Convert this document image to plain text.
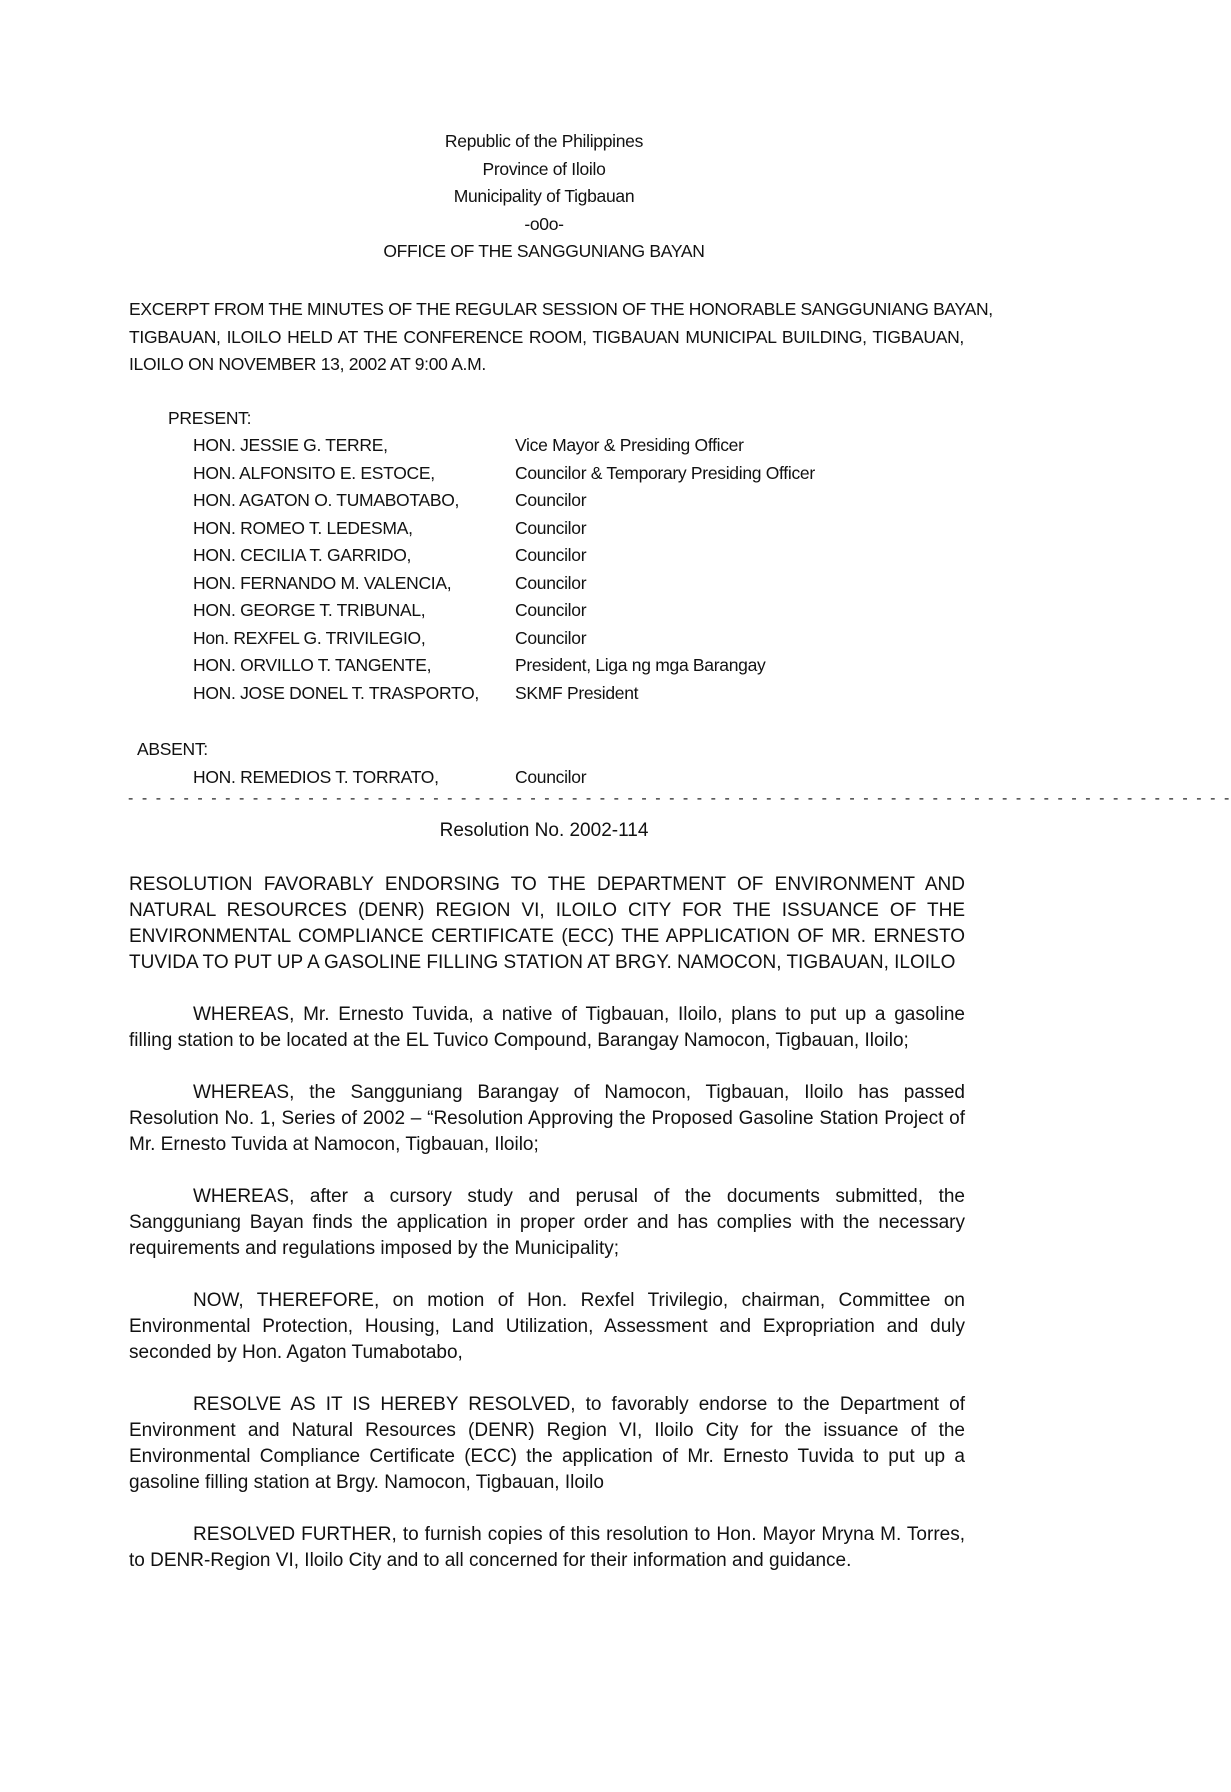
Republic of the Philippines
Province of Iloilo
Municipality of Tigbauan
-o0o-
OFFICE OF THE SANGGUNIANG BAYAN
EXCERPT FROM THE MINUTES OF THE REGULAR SESSION OF THE HONORABLE SANGGUNIANG BAYAN,
TIGBAUAN, ILOILO HELD AT THE CONFERENCE ROOM, TIGBAUAN MUNICIPAL BUILDING, TIGBAUAN,
ILOILO ON NOVEMBER 13, 2002 AT 9:00 A.M.
PRESENT:
HON. JESSIE G. TERRE,	Vice Mayor & Presiding Officer
HON. ALFONSITO E. ESTOCE,	Councilor & Temporary Presiding Officer
HON. AGATON O. TUMABOTABO,	Councilor
HON. ROMEO T. LEDESMA,	Councilor
HON. CECILIA T. GARRIDO,	Councilor
HON. FERNANDO M. VALENCIA,	Councilor
HON. GEORGE T. TRIBUNAL,	Councilor
Hon. REXFEL G. TRIVILEGIO,	Councilor
HON. ORVILLO T. TANGENTE,	President, Liga ng mga Barangay
HON. JOSE DONEL T. TRASPORTO, SKMF President
ABSENT:
HON. REMEDIOS T. TORRATO,	Councilor
- - - - - - - - - - - - - - - - - - - - - - - - - - - - - - - - - - - - - - - - - - - - - - - - - - - - - - - - - - - - - - - - - - - - - - - - - - - - - - - -
Resolution No. 2002-114

RESOLUTION FAVORABLY ENDORSING TO THE DEPARTMENT OF ENVIRONMENT AND NATURAL RESOURCES (DENR) REGION VI, ILOILO CITY FOR THE ISSUANCE OF THE ENVIRONMENTAL COMPLIANCE CERTIFICATE (ECC) THE APPLICATION OF MR. ERNESTO TUVIDA TO PUT UP A GASOLINE FILLING STATION AT BRGY. NAMOCON, TIGBAUAN, ILOILO

WHEREAS, Mr. Ernesto Tuvida, a native of Tigbauan, Iloilo, plans to put up a gasoline filling station to be located at the EL Tuvico Compound, Barangay Namocon, Tigbauan, Iloilo;

WHEREAS, the Sangguniang Barangay of Namocon, Tigbauan, Iloilo has passed Resolution No. 1, Series of 2002 – “Resolution Approving the Proposed Gasoline Station Project of Mr. Ernesto Tuvida at Namocon, Tigbauan, Iloilo;

WHEREAS, after a cursory study and perusal of the documents submitted, the Sangguniang Bayan finds the application in proper order and has complies with the necessary requirements and regulations imposed by the Municipality;

NOW, THEREFORE, on motion of Hon. Rexfel Trivilegio, chairman, Committee on Environmental Protection, Housing, Land Utilization, Assessment and Expropriation and duly seconded by Hon. Agaton Tumabotabo,

RESOLVE AS IT IS HEREBY RESOLVED, to favorably endorse to the Department of Environment and Natural Resources (DENR) Region VI, Iloilo City for the issuance of the Environmental Compliance Certificate (ECC) the application of Mr. Ernesto Tuvida to put up a gasoline filling station at Brgy. Namocon, Tigbauan, Iloilo

RESOLVED FURTHER, to furnish copies of this resolution to Hon. Mayor Mryna M. Torres, to DENR-Region VI, Iloilo City and to all concerned for their information and guidance.
